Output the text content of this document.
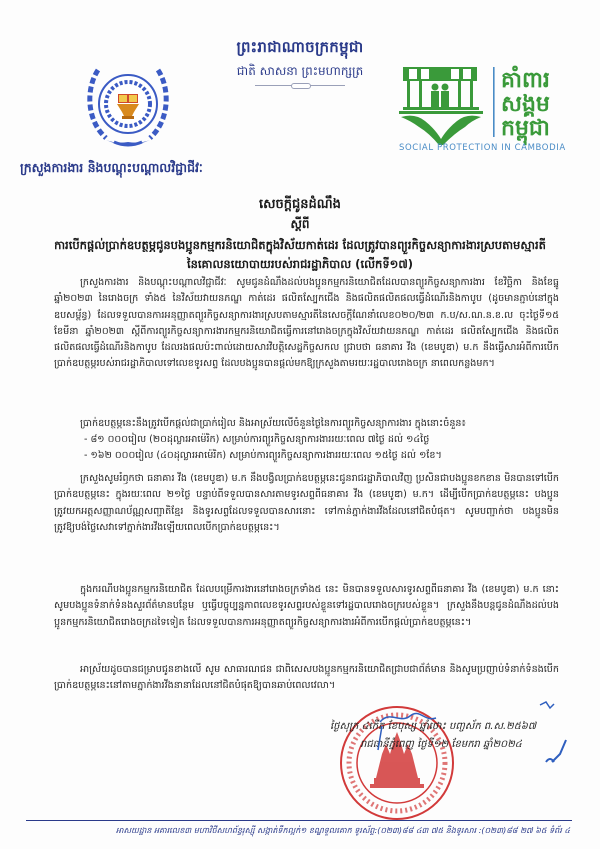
ព្រះរាជាណាចក្រកម្ពុជា
ជាតិ សាសនា ព្រះមហាក្សត្រ
ក្រសួងការងារ និងបណ្តុះបណ្តាលវិជ្ជាជីវៈ
គាំពារ
សង្គម
កម្ពុជា
SOCIAL PROTECTION IN CAMBODIA
សេចក្តីជូនដំណឹង
ស្តីពី
ការបើកផ្តល់ប្រាក់ឧបត្ថម្ភជូនបងប្អូនកម្មករនិយោជិតក្នុងវិស័យកាត់ដេរ ដែលត្រូវបានព្យួរកិច្ចសន្យាការងារស្របតាមស្មារតីនៃគោលនយោបាយរបស់រាជរដ្ឋាភិបាល (លើកទី១៧)
ក្រសួងការងារ និងបណ្តុះបណ្តាលវិជ្ជាជីវៈ សូមជូនដំណឹងដល់បងប្អូនកម្មករនិយោជិតដែលបានព្យួរកិច្ចសន្យាការងារ ខែវិច្ឆិកា និងខែធ្នូ ឆ្នាំ២០២៣ នៃរោងចក្រ ទាំង៥ នៃវិស័យវាយនភណ្ឌ កាត់ដេរ ផលិតស្បែកជើង និងផលិតផលិតផលធ្វើដំណើរនិងកាបូប (ដូចមានភ្ជាប់នៅក្នុងឧបសម្ព័ន្ធ) ដែលទទួលបានការអនុញ្ញាតព្យួរកិច្ចសន្យាការងារស្របតាមស្មារតីនៃសេចក្តីណែនាំលេខ០២០/២៣ ក.ប/ស.ណ.ន.ខ.ល ចុះថ្ងៃទី១៥ ខែមីនា ឆ្នាំ២០២៣ ស្តីពីការព្យួរកិច្ចសន្យាការងារកម្មករនិយោជិតធ្វើការនៅរោងចក្រក្នុងវិស័យវាយនភណ្ឌ កាត់ដេរ ផលិតស្បែកជើង និងផលិតផលិតផលធ្វើដំណើរនិងកាបូប ដែលរងផលប៉ះពាល់ដោយសារវិបត្តិសេដ្ឋកិច្ចសកល ជ្រាបថា ធនាគារ វីង (ខេមបូឌា) ម.ក នឹងធ្វើសារអំពីការបើកប្រាក់ឧបត្ថម្ភរបស់រាជរដ្ឋាភិបាលទៅលេខទូរសព្ទ ដែលបងប្អូនបានផ្តល់មកឱ្យក្រសួងតាមរយៈរដ្ឋបាលរោងចក្រ នាពេលកន្លងមក។
ប្រាក់ឧបត្ថម្ភនេះនឹងត្រូវបើកផ្តល់ជាប្រាក់រៀល និងអាស្រ័យលើចំនួនថ្ងៃនៃការព្យួរកិច្ចសន្យាការងារ ក្នុងនោះចំនួន៖
- ៨១ ០០០រៀល (២០ដុល្លារអាម៉េរិក) សម្រាប់ការព្យួរកិច្ចសន្យាការងាររយៈពេល ៧ថ្ងៃ ដល់ ១៤ថ្ងៃ
- ១៦២ ០០០រៀល (៤០ដុល្លារអាម៉េរិក) សម្រាប់ការព្យួរកិច្ចសន្យាការងាររយៈពេល ១៥ថ្ងៃ ដល់ ១ខែ។
ក្រសួងសូមរំឭកថា ធនាគារ វីង (ខេមបូឌា) ម.ក នឹងបង្វិលប្រាក់ឧបត្ថម្ភនេះជូនរាជរដ្ឋាភិបាលវិញ ប្រសិនជាបងប្អូនខកខាន មិនបានទៅបើកប្រាក់ឧបត្ថម្ភនេះ ក្នុងរយៈពេល ២១ថ្ងៃ បន្ទាប់ពីទទួលបានសារតាមទូរសព្ទពីធនាគារ វីង (ខេមបូឌា) ម.ក។ ដើម្បីបើកប្រាក់ឧបត្ថម្ភនេះ បងប្អូនត្រូវយកអត្តសញ្ញាណប័ណ្ណសញ្ជាតិខ្មែរ និងទូរសព្ទដែលទទួលបានសារនោះ ទៅកាន់ភ្នាក់ងារវីងដែលនៅជិតបំផុត។ សូមបញ្ជាក់ថា បងប្អូនមិនត្រូវឱ្យបង់ថ្លៃសេវាទៅភ្នាក់ងារវីងឡើយពេលបើកប្រាក់ឧបត្ថម្ភនេះ។
ក្នុងករណីបងប្អូនកម្មករនិយោជិត ដែលបម្រើការងារនៅរោងចក្រទាំង៥ នេះ មិនបានទទួលសារទូរសព្ទពីធនាគារ វីង (ខេមបូឌា) ម.ក នោះសូមបងប្អូនទំនាក់ទំនងសួរព័ត៌មានបន្ថែម ឬធ្វើបច្ចុប្បន្នភាពលេខទូរសព្ទរបស់ខ្លួនទៅរដ្ឋបាលរោងចក្ររបស់ខ្លួន។ ក្រសួងនឹងបន្តជូនដំណឹងដល់បងប្អូនកម្មករនិយោជិតរោងចក្រដទៃទៀត ដែលទទួលបានការអនុញ្ញាតព្យួរកិច្ចសន្យាការងារអំពីការបើកផ្តល់ប្រាក់ឧបត្ថម្ភនេះ។
អាស្រ័យដូចបានជម្រាបជូនខាងលើ សូម សាធារណជន ជាពិសេសបងប្អូនកម្មករនិយោជិតជ្រាបជាព័ត៌មាន និងសូមប្រញាប់ទំនាក់ទំនងបើកប្រាក់ឧបត្ថម្ភនេះនៅតាមភ្នាក់ងារវីងនានាដែលនៅជិតបំផុតឱ្យបានឆាប់ពេលវេលា។
ថ្ងៃសុក្រ ៤កើត ខែបុស្ស ឆ្នាំថោះ បញ្ចស័ក ព.ស.២៥៦៧
រាជធានីភ្នំពេញ ថ្ងៃទី១២ ខែមករា ឆ្នាំ២០២៤
អាសយដ្ឋាន អគារលេខ៣ មហាវិថីសហព័ន្ធរុស្ស៊ី សង្កាត់ទឹកល្អក់១ ខណ្ឌទួលគោក ទូរស័ព្ទ:(០២៣)៨៨ ៤៣ ៧៥ និងទូរសារ :(០២៣)៨៨ ២៧ ៦៥ ទំព័រ ៤
